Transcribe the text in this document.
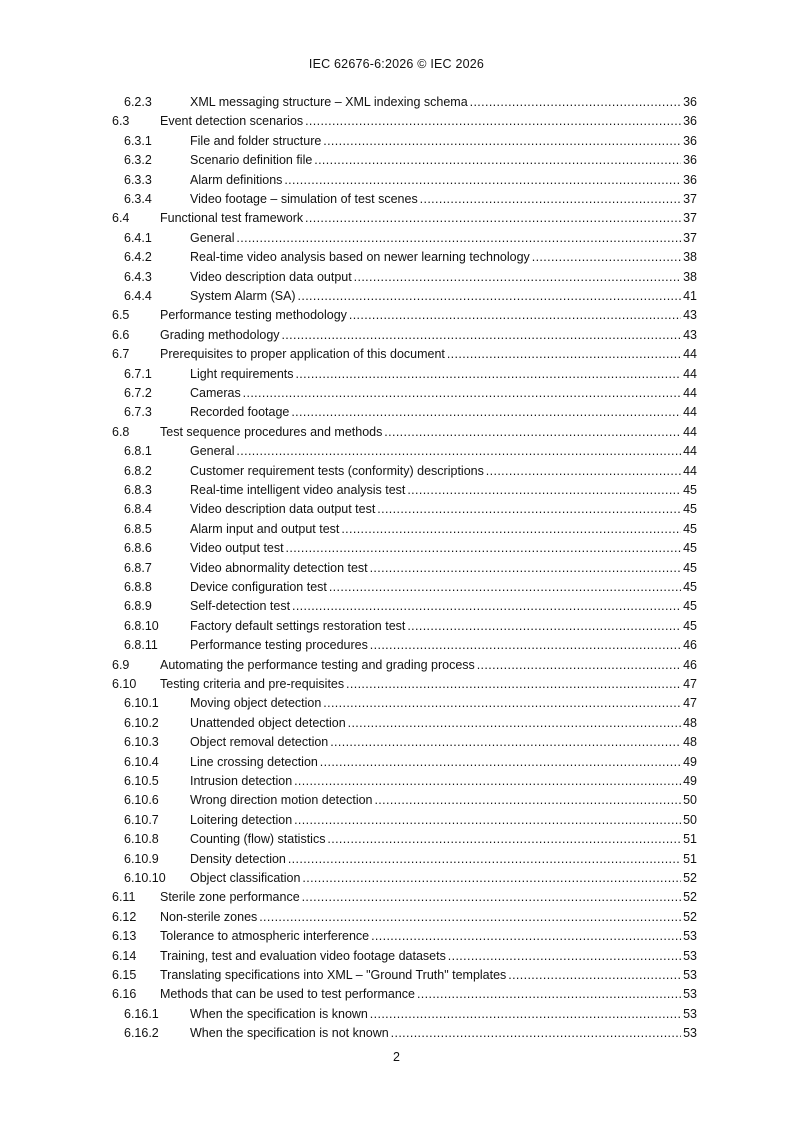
IEC 62676-6:2026 © IEC 2026
6.2.3	XML messaging structure – XML indexing schema . . .	36
6.3 Event detection scenarios . . .	36
6.3.1	File and folder structure . . .	36
6.3.2	Scenario definition file . . .	36
6.3.3	Alarm definitions . . .	36
6.3.4	Video footage – simulation of test scenes . . .	37
6.4 Functional test framework . . .	37
6.4.1	General . . .	37
6.4.2	Real-time video analysis based on newer learning technology . . .	38
6.4.3	Video description data output . . .	38
6.4.4	System Alarm (SA) . . .	41
6.5 Performance testing methodology . . .	43
6.6 Grading methodology . . .	43
6.7 Prerequisites to proper application of this document . . .	44
6.7.1	Light requirements . . .	44
6.7.2	Cameras . . .	44
6.7.3	Recorded footage . . .	44
6.8 Test sequence procedures and methods . . .	44
6.8.1	General . . .	44
6.8.2	Customer requirement tests (conformity) descriptions . . .	44
6.8.3	Real-time intelligent video analysis test . . .	45
6.8.4	Video description data output test . . .	45
6.8.5	Alarm input and output test . . .	45
6.8.6	Video output test . . .	45
6.8.7	Video abnormality detection test . . .	45
6.8.8	Device configuration test . . .	45
6.8.9	Self-detection test . . .	45
6.8.10 Factory default settings restoration test . . .	45
6.8.11	Performance testing procedures . . .	46
6.9 Automating the performance testing and grading process . . .	46
6.10 Testing criteria and pre-requisites . . .	47
6.10.1 Moving object detection . . .	47
6.10.2 Unattended object detection . . .	48
6.10.3 Object removal detection . . .	48
6.10.4 Line crossing detection . . .	49
6.10.5 Intrusion detection . . .	49
6.10.6 Wrong direction motion detection . . .	50
6.10.7 Loitering detection . . .	50
6.10.8 Counting (flow) statistics . . .	51
6.10.9 Density detection . . .	51
6.10.10 Object classification . . .	52
6.11 Sterile zone performance . . .	52
6.12 Non-sterile zones . . .	52
6.13 Tolerance to atmospheric interference . . .	53
6.14 Training, test and evaluation video footage datasets . . .	53
6.15 Translating specifications into XML – "Ground Truth" templates . . .	53
6.16 Methods that can be used to test performance . . .	53
6.16.1 When the specification is known . . .	53
6.16.2 When the specification is not known . . .	53
2
